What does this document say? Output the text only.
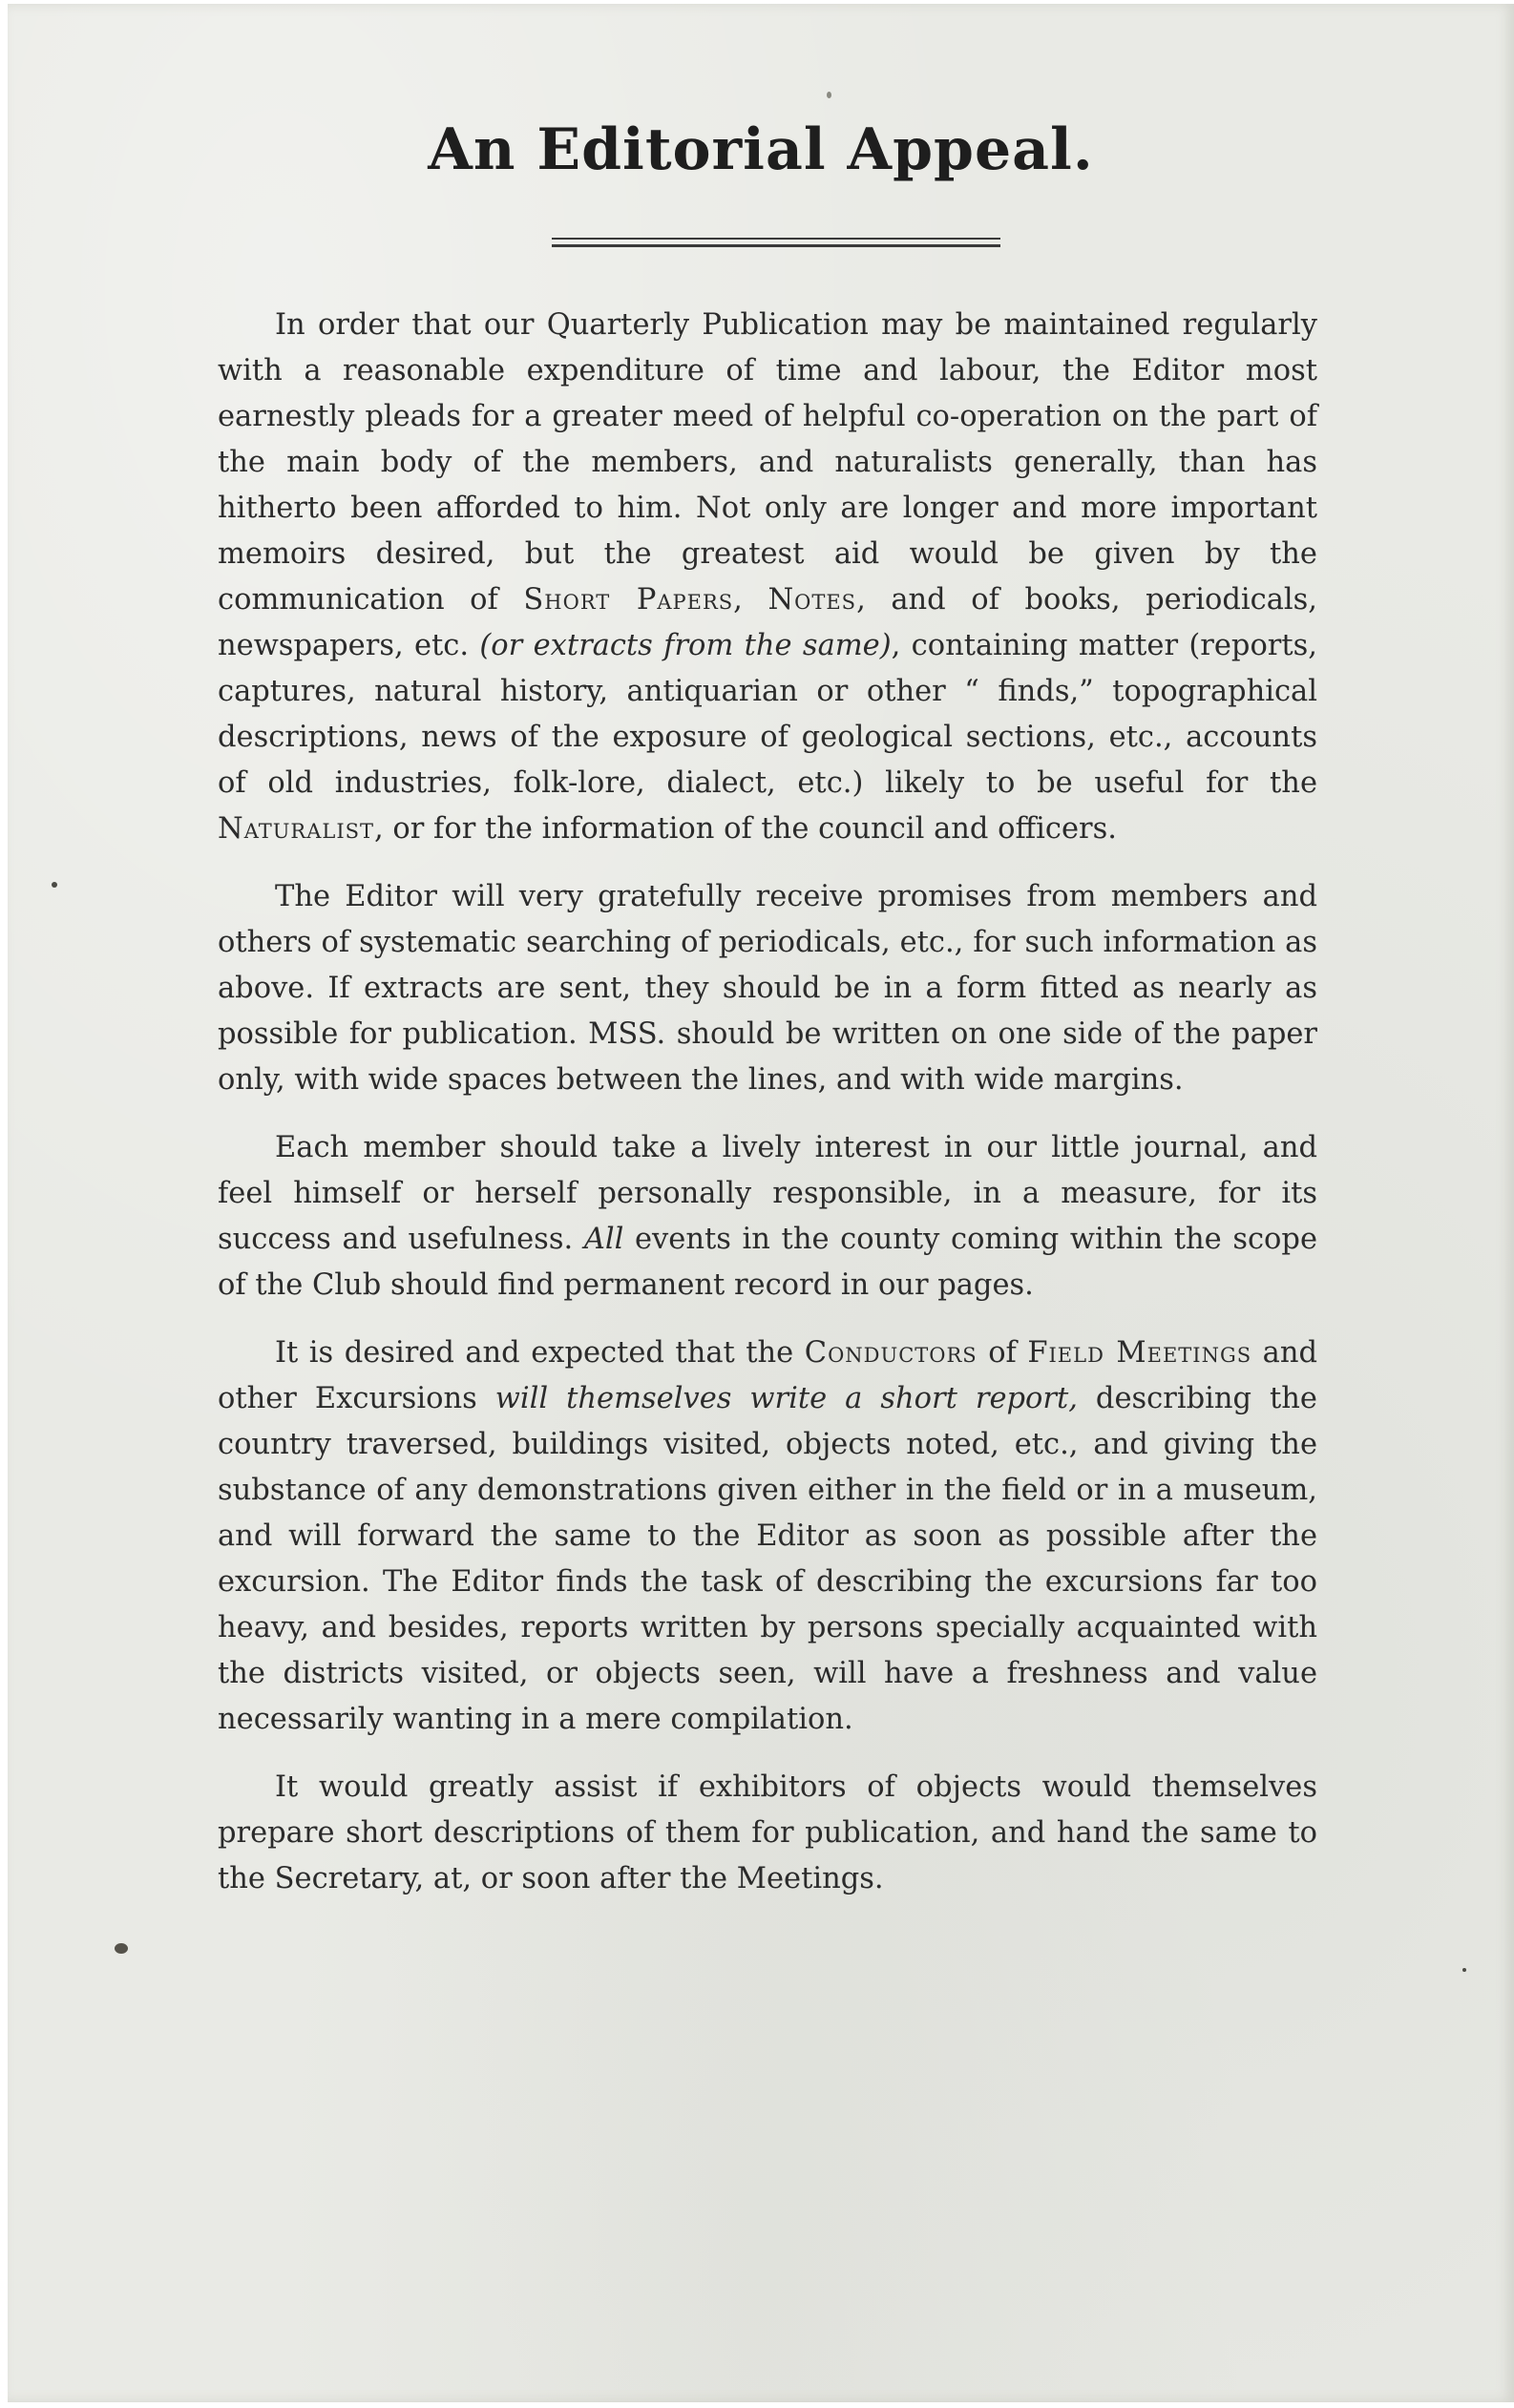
An Editorial Appeal.

In order that our Quarterly Publication may be maintained regularly with a reasonable expenditure of time and labour, the Editor most earnestly pleads for a greater meed of helpful co-operation on the part of the main body of the members, and naturalists generally, than has hitherto been afforded to him. Not only are longer and more important memoirs desired, but the greatest aid would be given by the communication of Short Papers, Notes, and of books, periodicals, newspapers, etc. (or extracts from the same), containing matter (reports, captures, natural history, antiquarian or other “ finds,” topographical descriptions, news of the exposure of geological sections, etc., accounts of old industries, folk-lore, dialect, etc.) likely to be useful for the Naturalist, or for the information of the council and officers.

The Editor will very gratefully receive promises from members and others of systematic searching of periodicals, etc., for such information as above. If extracts are sent, they should be in a form fitted as nearly as possible for publication. MSS. should be written on one side of the paper only, with wide spaces between the lines, and with wide margins.

Each member should take a lively interest in our little journal, and feel himself or herself personally responsible, in a measure, for its success and usefulness. All events in the county coming within the scope of the Club should find permanent record in our pages.

It is desired and expected that the Conductors of Field Meetings and other Excursions will themselves write a short report, describing the country traversed, buildings visited, objects noted, etc., and giving the substance of any demonstrations given either in the field or in a museum, and will forward the same to the Editor as soon as possible after the excursion. The Editor finds the task of describing the excursions far too heavy, and besides, reports written by persons specially acquainted with the districts visited, or objects seen, will have a freshness and value necessarily wanting in a mere compilation.

It would greatly assist if exhibitors of objects would themselves prepare short descriptions of them for publication, and hand the same to the Secretary, at, or soon after the Meetings.
